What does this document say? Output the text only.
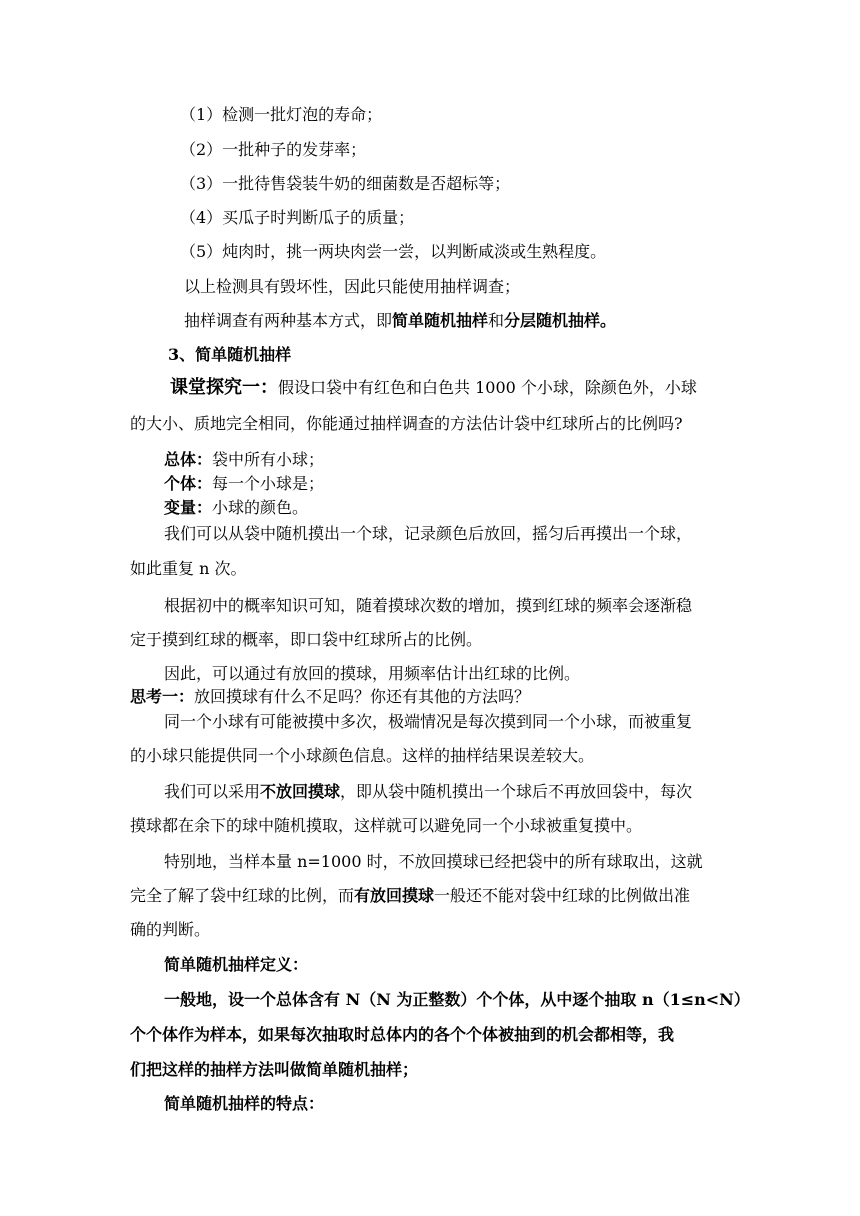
（1）检测一批灯泡的寿命；
（2）一批种子的发芽率；
（3）一批待售袋装牛奶的细菌数是否超标等；
（4）买瓜子时判断瓜子的质量；
（5）炖肉时，挑一两块肉尝一尝，以判断咸淡或生熟程度。
以上检测具有毁坏性，因此只能使用抽样调查；
抽样调查有两种基本方式，即简单随机抽样和分层随机抽样。
3、简单随机抽样
课堂探究一：假设口袋中有红色和白色共 1000 个小球，除颜色外，小球
的大小、质地完全相同，你能通过抽样调查的方法估计袋中红球所占的比例吗?
总体：袋中所有小球；
个体：每一个小球是；
变量：小球的颜色。
我们可以从袋中随机摸出一个球，记录颜色后放回，摇匀后再摸出一个球，
如此重复 n 次。
根据初中的概率知识可知，随着摸球次数的增加，摸到红球的频率会逐渐稳
定于摸到红球的概率，即口袋中红球所占的比例。
因此，可以通过有放回的摸球，用频率估计出红球的比例。
思考一：放回摸球有什么不足吗？你还有其他的方法吗？
同一个小球有可能被摸中多次，极端情况是每次摸到同一个小球，而被重复
的小球只能提供同一个小球颜色信息。这样的抽样结果误差较大。
我们可以采用不放回摸球，即从袋中随机摸出一个球后不再放回袋中，每次
摸球都在余下的球中随机摸取，这样就可以避免同一个小球被重复摸中。
特别地，当样本量 n=1000 时，不放回摸球已经把袋中的所有球取出，这就
完全了解了袋中红球的比例，而有放回摸球一般还不能对袋中红球的比例做出准
确的判断。
简单随机抽样定义：
一般地，设一个总体含有 N（N 为正整数）个个体，从中逐个抽取 n（1≤n<N）
个个体作为样本，如果每次抽取时总体内的各个个体被抽到的机会都相等，我
们把这样的抽样方法叫做简单随机抽样；
简单随机抽样的特点：
